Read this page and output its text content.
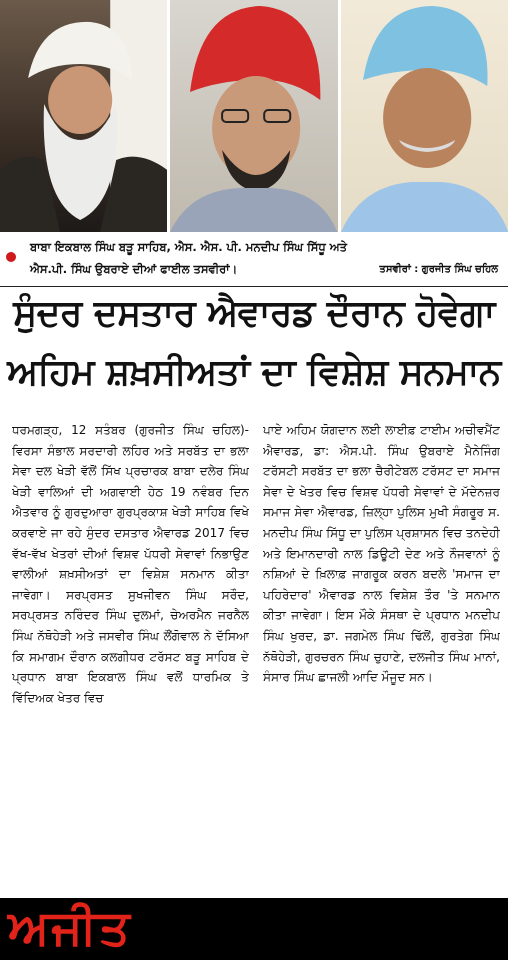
ਬਾਬਾ ਇਕਬਾਲ ਸਿੰਘ ਬੜੂ ਸਾਹਿਬ, ਐਸ. ਐਸ. ਪੀ. ਮਨਦੀਪ ਸਿੰਘ ਸਿੱਧੂ ਅਤੇ
ਐਸ.ਪੀ. ਸਿੰਘ ਉਬਰਾਏ ਦੀਆਂ ਫਾਈਲ ਤਸਵੀਰਾਂ।	ਤਸਵੀਰਾਂ : ਗੁਰਜੀਤ ਸਿੰਘ ਚਹਿਲ
ਸੁੰਦਰ ਦਸਤਾਰ ਐਵਾਰਡ ਦੌਰਾਨ ਹੋਵੇਗਾ
ਅਹਿਮ ਸ਼ਖ਼ਸੀਅਤਾਂ ਦਾ ਵਿਸ਼ੇਸ਼ ਸਨਮਾਨ
ਧਰਮਗੜ੍ਹ, 12 ਸਤੰਬਰ (ਗੁਰਜੀਤ ਸਿੰਘ ਚਹਿਲ)-ਵਿਰਸਾ ਸੰਭਾਲ ਸਰਦਾਰੀ ਲਹਿਰ ਅਤੇ ਸਰਬੱਤ ਦਾ ਭਲਾ ਸੇਵਾ ਦਲ ਖੇੜੀ ਵੱਲੋਂ ਸਿੱਖ ਪ੍ਰਚਾਰਕ ਬਾਬਾ ਦਲੇਰ ਸਿੰਘ ਖੇੜੀ ਵਾਲਿਆਂ ਦੀ ਅਗਵਾਈ ਹੇਠ 19 ਨਵੰਬਰ ਦਿਨ ਐਤਵਾਰ ਨੂੰ ਗੁਰਦੁਆਰਾ ਗੁਰਪ੍ਰਕਾਸ਼ ਖੇੜੀ ਸਾਹਿਬ ਵਿਖੇ ਕਰਵਾਏ ਜਾ ਰਹੇ ਸੁੰਦਰ ਦਸਤਾਰ ਐਵਾਰਡ 2017 ਵਿਚ ਵੱਖ-ਵੱਖ ਖੇਤਰਾਂ ਦੀਆਂ ਵਿਸ਼ਵ ਪੱਧਰੀ ਸੇਵਾਵਾਂ ਨਿਭਾਉਣ ਵਾਲੀਆਂ ਸ਼ਖ਼ਸੀਅਤਾਂ ਦਾ ਵਿਸ਼ੇਸ਼ ਸਨਮਾਨ ਕੀਤਾ ਜਾਵੇਗਾ। ਸਰਪ੍ਰਸਤ ਸੁਖਜੀਵਨ ਸਿੰਘ ਸਰੌਦ, ਸਰਪ੍ਰਸਤ ਨਰਿੰਦਰ ਸਿੰਘ ਦੁਲਮਾਂ, ਚੇਅਰਮੈਨ ਜਰਨੈਲ ਸਿੰਘ ਨੱਥੋਹੇੜੀ ਅਤੇ ਜਸਵੀਰ ਸਿੰਘ ਲੌਂਗੋਵਾਲ ਨੇ ਦੱਸਿਆ ਕਿ ਸਮਾਗਮ ਦੌਰਾਨ ਕਲਗੀਧਰ ਟਰੱਸਟ ਬੜੂ ਸਾਹਿਬ ਦੇ ਪ੍ਰਧਾਨ ਬਾਬਾ ਇਕਬਾਲ ਸਿੰਘ ਵਲੋਂ ਧਾਰਮਿਕ ਤੇ ਵਿੱਦਿਅਕ ਖੇਤਰ ਵਿਚ
ਪਾਏ ਅਹਿਮ ਯੋਗਦਾਨ ਲਈ ਲਾਈਫ਼ ਟਾਈਮ ਅਚੀਵਮੈਂਟ ਐਵਾਰਡ, ਡਾ: ਐਸ.ਪੀ. ਸਿੰਘ ਉਬਰਾਏ ਮੈਨੇਜਿੰਗ ਟਰੱਸਟੀ ਸਰਬੱਤ ਦਾ ਭਲਾ ਚੈਰੀਟੇਬਲ ਟਰੱਸਟ ਦਾ ਸਮਾਜ ਸੇਵਾ ਦੇ ਖੇਤਰ ਵਿਚ ਵਿਸ਼ਵ ਪੱਧਰੀ ਸੇਵਾਵਾਂ ਦੇ ਮੱਦੇਨਜ਼ਰ ਸਮਾਜ ਸੇਵਾ ਐਵਾਰਡ, ਜ਼ਿਲ੍ਹਾ ਪੁਲਿਸ ਮੁਖੀ ਸੰਗਰੂਰ ਸ. ਮਨਦੀਪ ਸਿੰਘ ਸਿੱਧੂ ਦਾ ਪੁਲਿਸ ਪ੍ਰਸ਼ਾਸਨ ਵਿਚ ਤਨਦੇਹੀ ਅਤੇ ਇਮਾਨਦਾਰੀ ਨਾਲ ਡਿਊਟੀ ਦੇਣ ਅਤੇ ਨੌਜਵਾਨਾਂ ਨੂੰ ਨਸ਼ਿਆਂ ਦੇ ਖ਼ਿਲਾਫ਼ ਜਾਗਰੂਕ ਕਰਨ ਬਦਲੇ 'ਸਮਾਜ ਦਾ ਪਹਿਰੇਦਾਰ' ਐਵਾਰਡ ਨਾਲ ਵਿਸ਼ੇਸ਼ ਤੌਰ 'ਤੇ ਸਨਮਾਨ ਕੀਤਾ ਜਾਵੇਗਾ। ਇਸ ਮੌਕੇ ਸੰਸਥਾ ਦੇ ਪ੍ਰਧਾਨ ਮਨਦੀਪ ਸਿੰਘ ਖੁਰਦ, ਡਾ. ਜਗਮੇਲ ਸਿੰਘ ਢਿੱਲੋਂ, ਗੁਰਤੇਗ ਸਿੰਘ ਨੱਥੋਹੇੜੀ, ਗੁਰਚਰਨ ਸਿੰਘ ਚੁਹਾਣੇ, ਦਲਜੀਤ ਸਿੰਘ ਮਾਨਾਂ, ਸੰਸਾਰ ਸਿੰਘ ਛਾਜਲੀ ਆਦਿ ਮੌਜੂਦ ਸਨ।
ਅਜੀਤ
